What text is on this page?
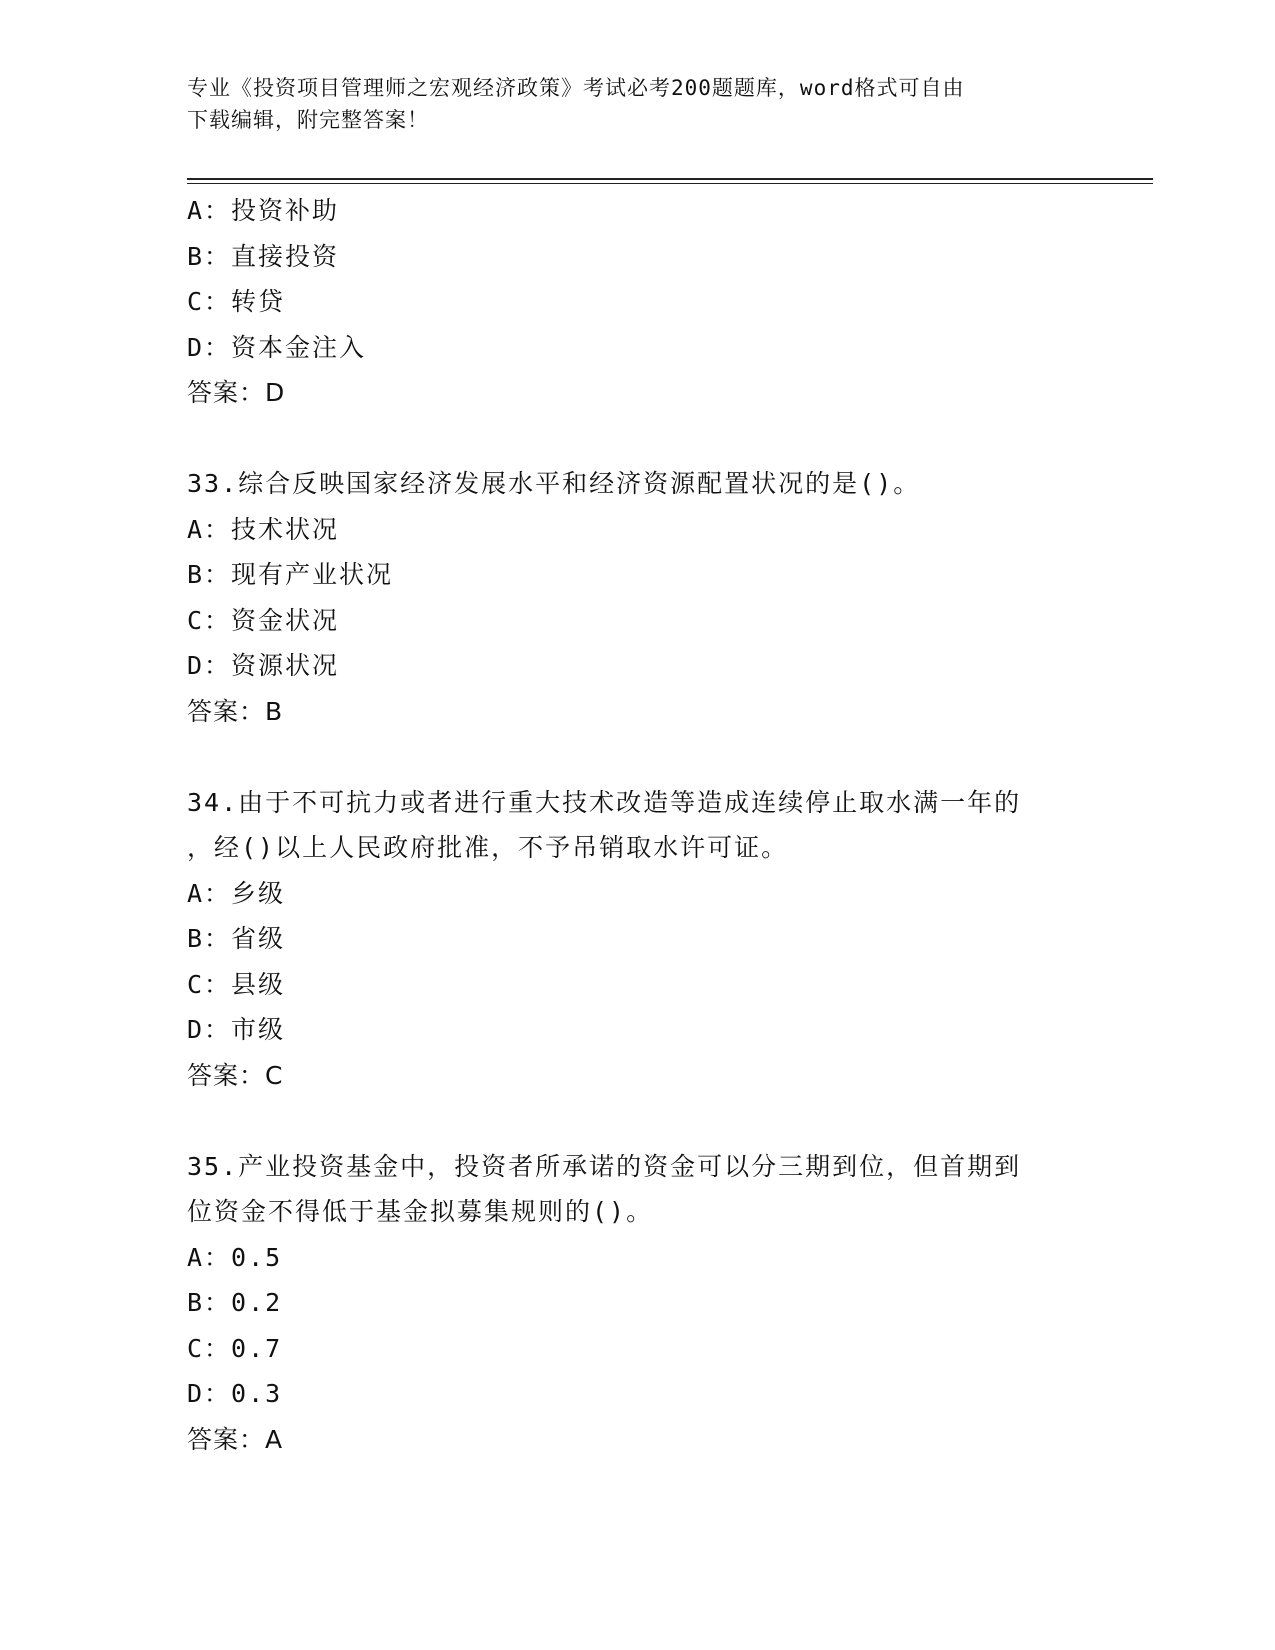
专业《投资项目管理师之宏观经济政策》考试必考200题题库，word格式可自由
下载编辑，附完整答案！
A：投资补助
B：直接投资
C：转贷
D：资本金注入
答案：D
33.综合反映国家经济发展水平和经济资源配置状况的是()。
A：技术状况
B：现有产业状况
C：资金状况
D：资源状况
答案：B
34.由于不可抗力或者进行重大技术改造等造成连续停止取水满一年的
，经()以上人民政府批准，不予吊销取水许可证。
A：乡级
B：省级
C：县级
D：市级
答案：C
35.产业投资基金中，投资者所承诺的资金可以分三期到位，但首期到
位资金不得低于基金拟募集规则的()。
A：0.5
B：0.2
C：0.7
D：0.3
答案：A
